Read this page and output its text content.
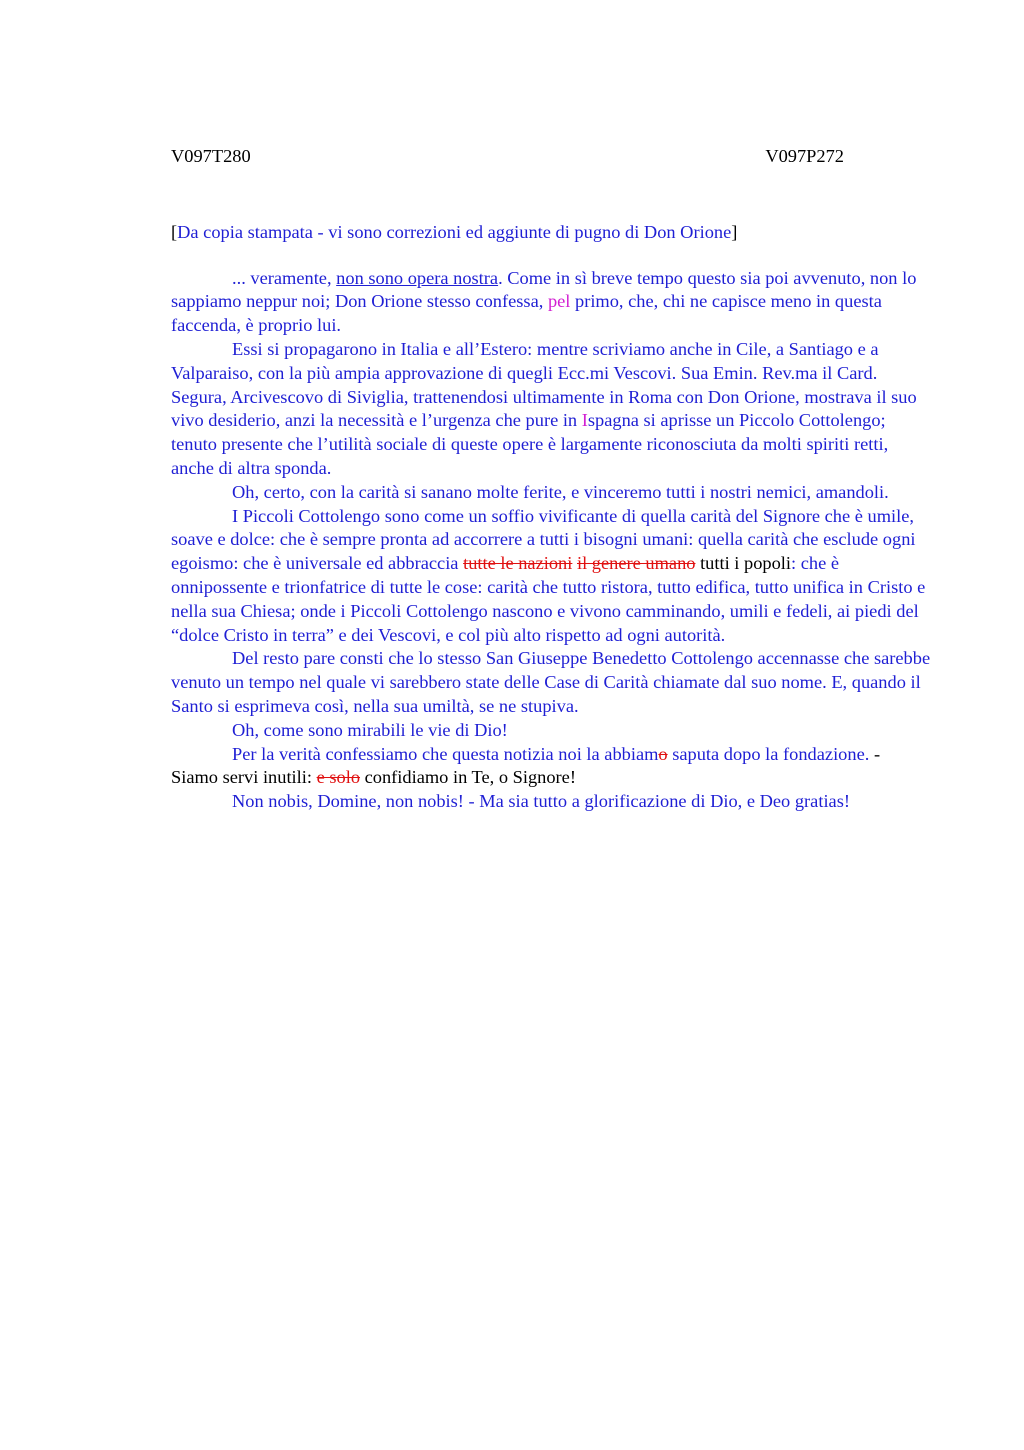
V097T280	V097P272
[Da copia stampata - vi sono correzioni ed aggiunte di pugno di Don Orione]

... veramente, non sono opera nostra. Come in sì breve tempo questo sia poi avvenuto, non lo sappiamo neppur noi; Don Orione stesso confessa, pel primo, che, chi ne capisce meno in questa faccenda, è proprio lui.

Essi si propagarono in Italia e all’Estero: mentre scriviamo anche in Cile, a Santiago e a Valparaiso, con la più ampia approvazione di quegli Ecc.mi Vescovi. Sua Emin. Rev.ma il Card. Segura, Arcivescovo di Siviglia, trattenendosi ultimamente in Roma con Don Orione, mostrava il suo vivo desiderio, anzi la necessità e l’urgenza che pure in Ispagna si aprisse un Piccolo Cottolengo; tenuto presente che l’utilità sociale di queste opere è largamente riconosciuta da molti spiriti retti, anche di altra sponda.

Oh, certo, con la carità si sanano molte ferite, e vinceremo tutti i nostri nemici, amandoli.

I Piccoli Cottolengo sono come un soffio vivificante di quella carità del Signore che è umile, soave e dolce: che è sempre pronta ad accorrere a tutti i bisogni umani: quella carità che esclude ogni egoismo: che è universale ed abbraccia tutte le nazioni il genere umano tutti i popoli: che è onnipossente e trionfatrice di tutte le cose: carità che tutto ristora, tutto edifica, tutto unifica in Cristo e nella sua Chiesa; onde i Piccoli Cottolengo nascono e vivono camminando, umili e fedeli, ai piedi del “dolce Cristo in terra” e dei Vescovi, e col più alto rispetto ad ogni autorità.

Del resto pare consti che lo stesso San Giuseppe Benedetto Cottolengo accennasse che sarebbe venuto un tempo nel quale vi sarebbero state delle Case di Carità chiamate dal suo nome. E, quando il Santo si esprimeva così, nella sua umiltà, se ne stupiva.

Oh, come sono mirabili le vie di Dio!

Per la verità confessiamo che questa notizia noi la abbiamo saputa dopo la fondazione. - Siamo servi inutili: e solo confidiamo in Te, o Signore!

Non nobis, Domine, non nobis! - Ma sia tutto a glorificazione di Dio, e Deo gratias!
